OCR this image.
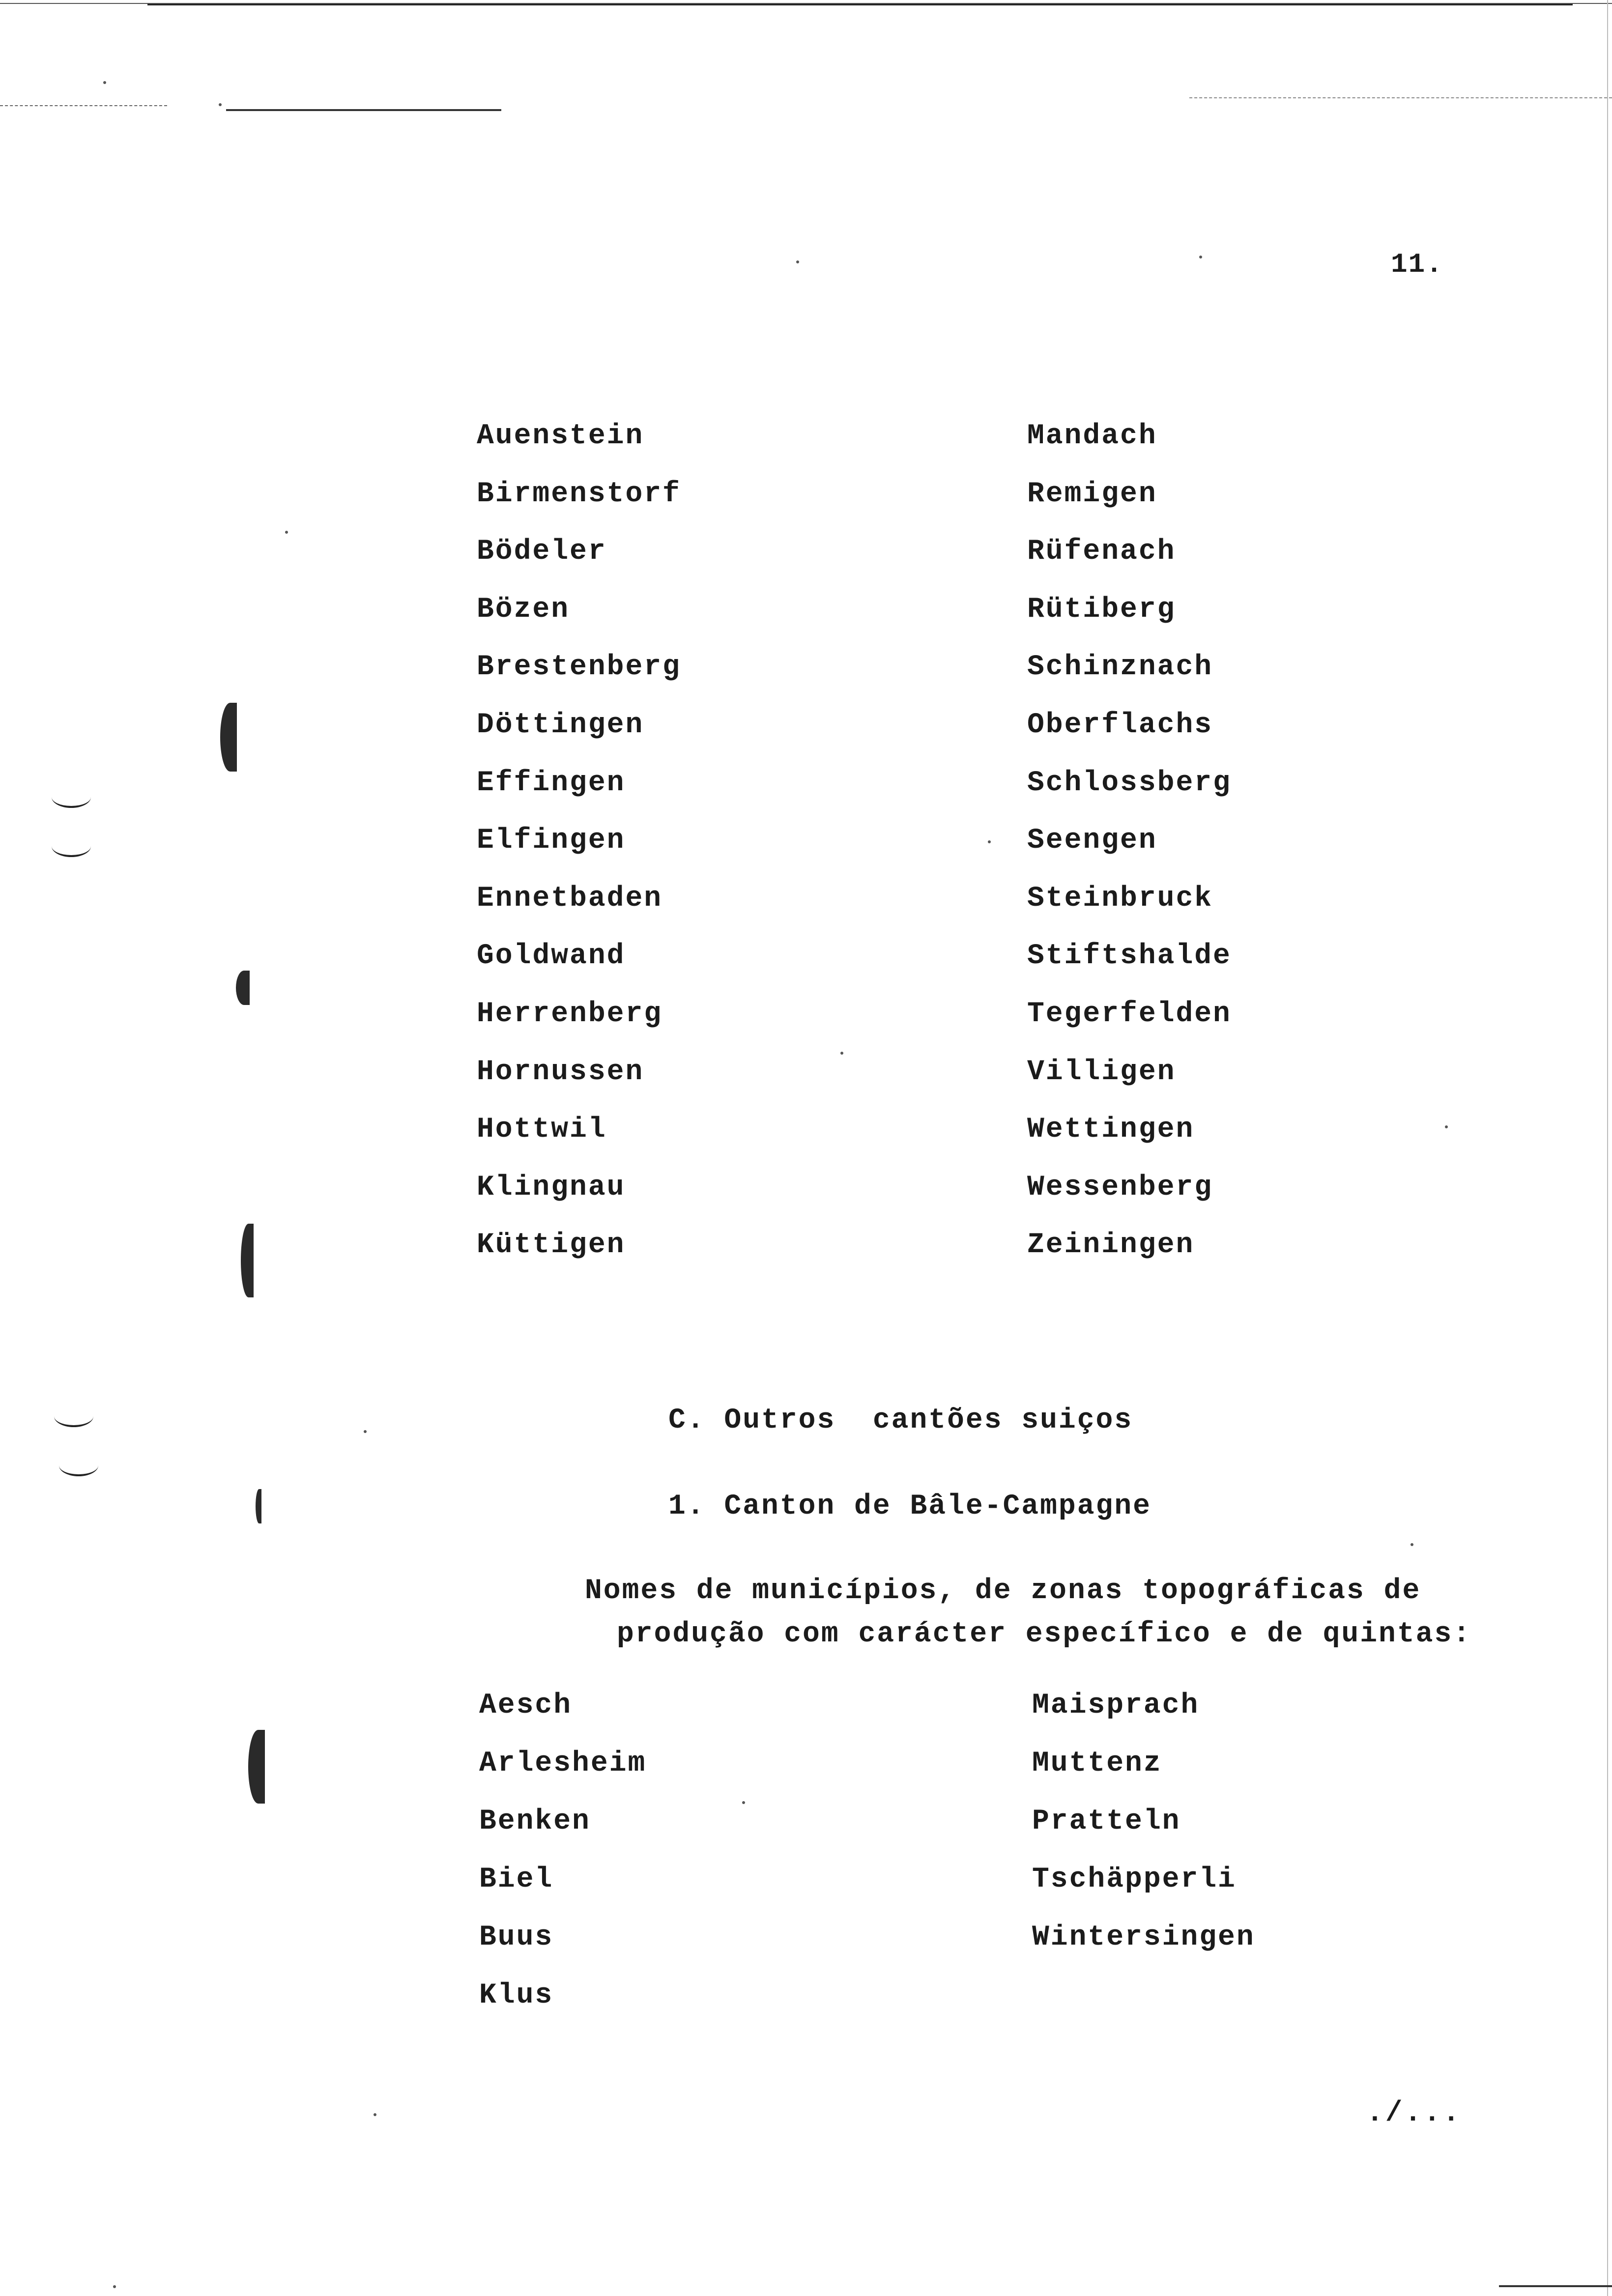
11.
Auenstein
Birmenstorf
Bödeler
Bözen
Brestenberg
Döttingen
Effingen
Elfingen
Ennetbaden
Goldwand
Herrenberg
Hornussen
Hottwil
Klingnau
Küttigen
Mandach
Remigen
Rüfenach
Rütiberg
Schinznach
Oberflachs
Schlossberg
Seengen
Steinbruck
Stiftshalde
Tegerfelden
Villigen
Wettingen
Wessenberg
Zeiningen
C. Outros  cantões suiços
1. Canton de Bâle-Campagne
Nomes de municípios, de zonas topográficas de
produção com carácter específico e de quintas:
Aesch
Arlesheim
Benken
Biel
Buus
Klus
Maisprach
Muttenz
Pratteln
Tschäpperli
Wintersingen
./...
